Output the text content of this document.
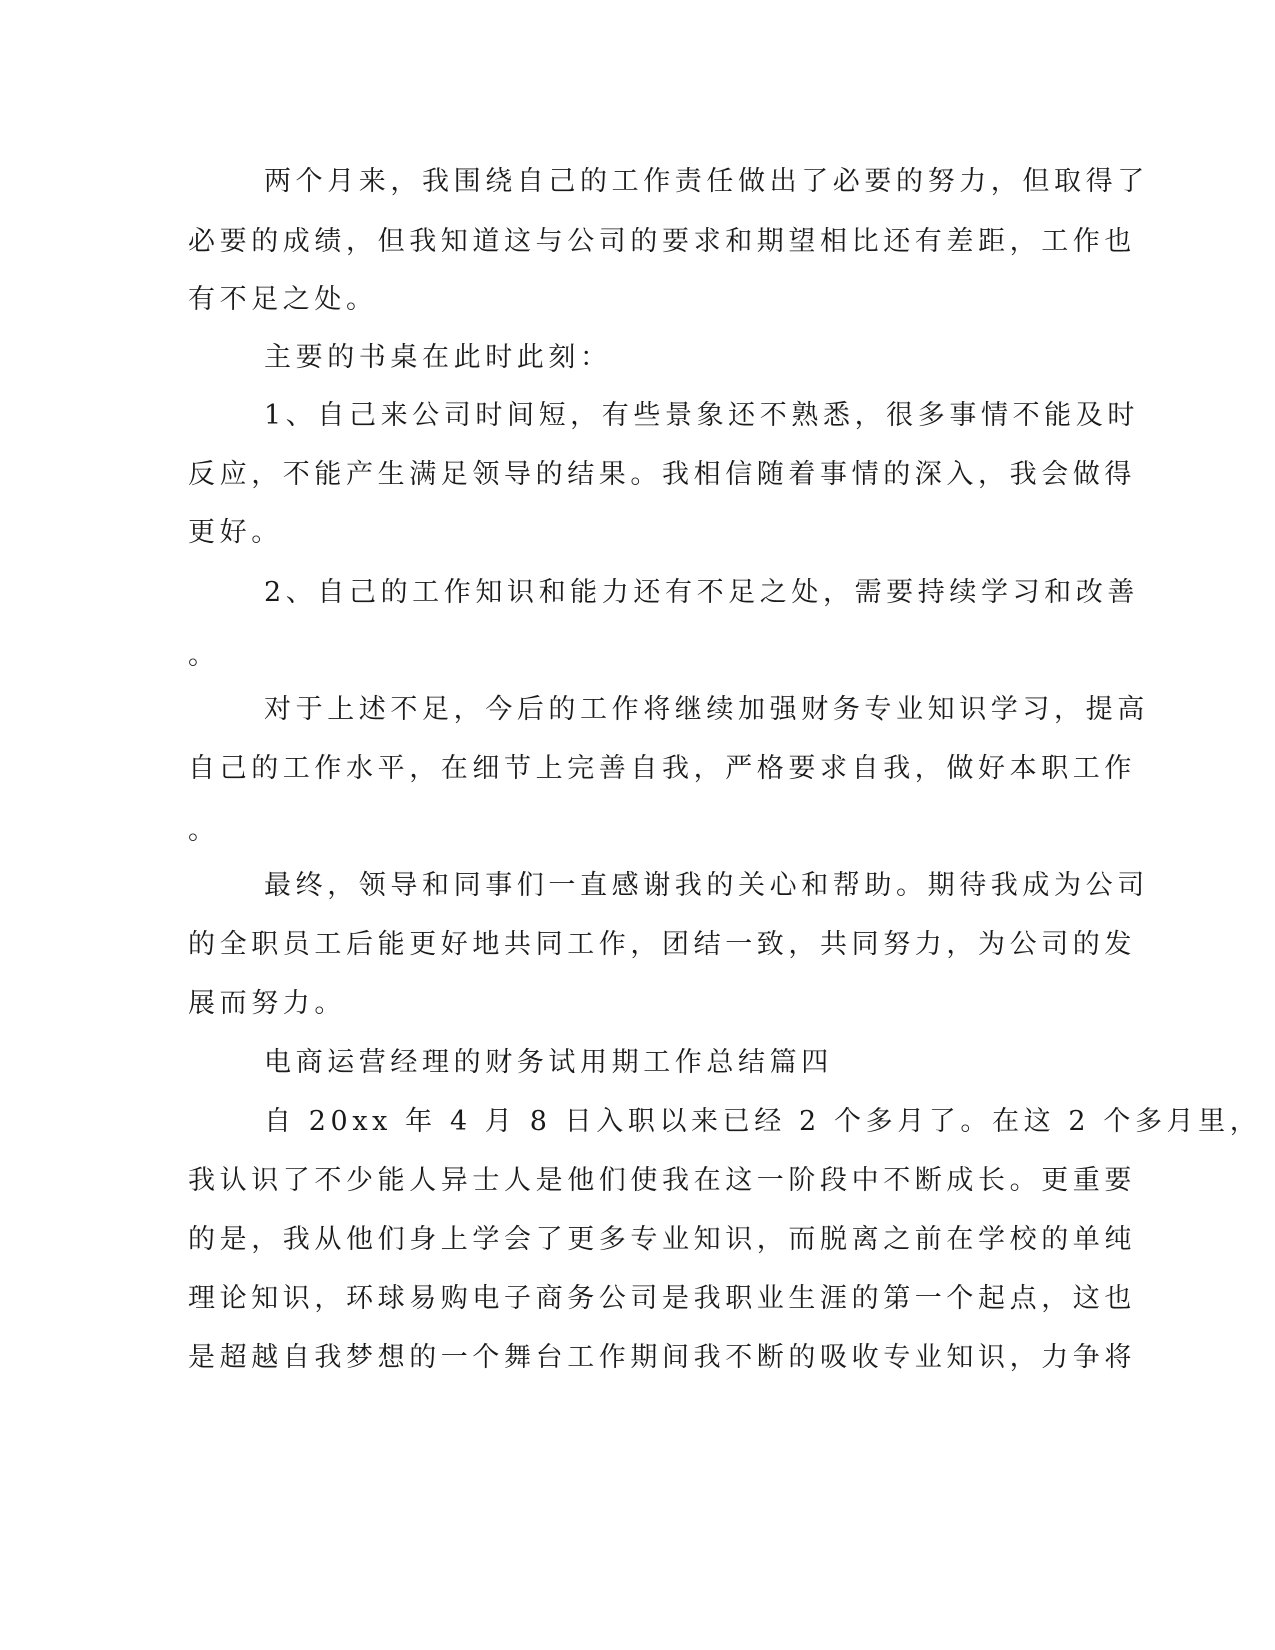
两个月来，我围绕自己的工作责任做出了必要的努力，但取得了
必要的成绩，但我知道这与公司的要求和期望相比还有差距，工作也
有不足之处。
主要的书桌在此时此刻：
1、自己来公司时间短，有些景象还不熟悉，很多事情不能及时
反应，不能产生满足领导的结果。我相信随着事情的深入，我会做得
更好。
2、自己的工作知识和能力还有不足之处，需要持续学习和改善
。
对于上述不足，今后的工作将继续加强财务专业知识学习，提高
自己的工作水平，在细节上完善自我，严格要求自我，做好本职工作
。
最终，领导和同事们一直感谢我的关心和帮助。期待我成为公司
的全职员工后能更好地共同工作，团结一致，共同努力，为公司的发
展而努力。
电商运营经理的财务试用期工作总结篇四
自 20xx 年 4 月 8 日入职以来已经 2 个多月了。在这 2 个多月里，
我认识了不少能人异士人是他们使我在这一阶段中不断成长。更重要
的是，我从他们身上学会了更多专业知识，而脱离之前在学校的单纯
理论知识，环球易购电子商务公司是我职业生涯的第一个起点，这也
是超越自我梦想的一个舞台工作期间我不断的吸收专业知识，力争将
